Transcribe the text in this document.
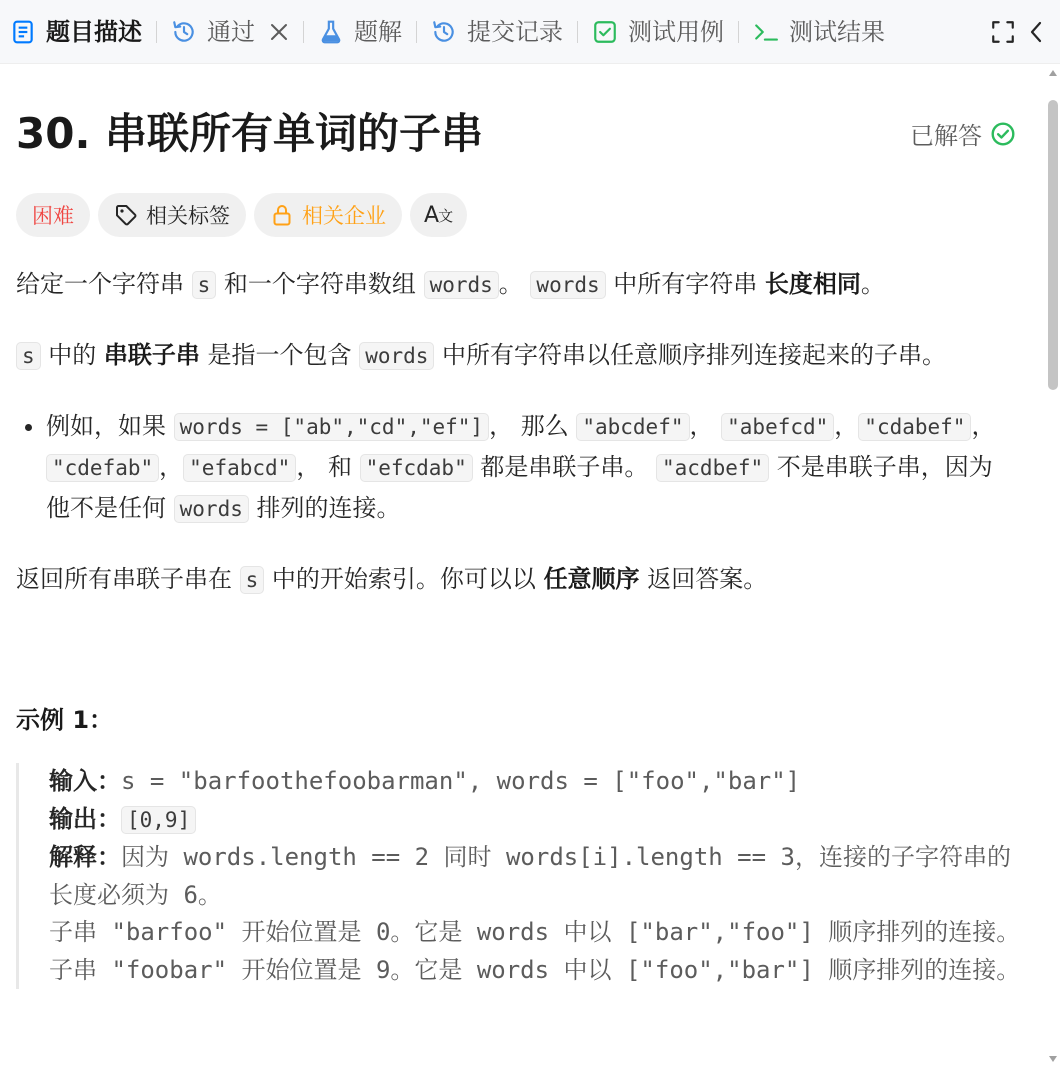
题目描述	通过	题解	提交记录	测试用例	测试结果
30. 串联所有单词的子串	已解答
困难	相关标签	相关企业 A 文

给定一个字符串 s 和一个字符串数组 words 。 words 中所有字符串 长度相同。

s 中的 串联子串 是指一个包含 words 中所有字符串以任意顺序排列连接起来的子串。

• 例如，如果 words = ["ab","cd","ef"] ， 那么 "abcdef" ， "abefcd" ， "cdabef" ， "cdefab" ， "efabcd" ， 和 "efcdab" 都是串联子串。 "acdbef" 不是串联子串，因为他不是任何 words 排列的连接。

返回所有串联子串在 s 中的开始索引。你可以以 任意顺序 返回答案。

示例 1：

输入：s = "barfoothefoobarman", words = ["foo","bar"]
输出： [0,9]
解释：因为 words.length == 2 同时 words[i].length == 3，连接的子字符串的长度必须为 6。
子串 "barfoo" 开始位置是 0。它是 words 中以 ["bar","foo"] 顺序排列的连接。
子串 "foobar" 开始位置是 9。它是 words 中以 ["foo","bar"] 顺序排列的连接。
